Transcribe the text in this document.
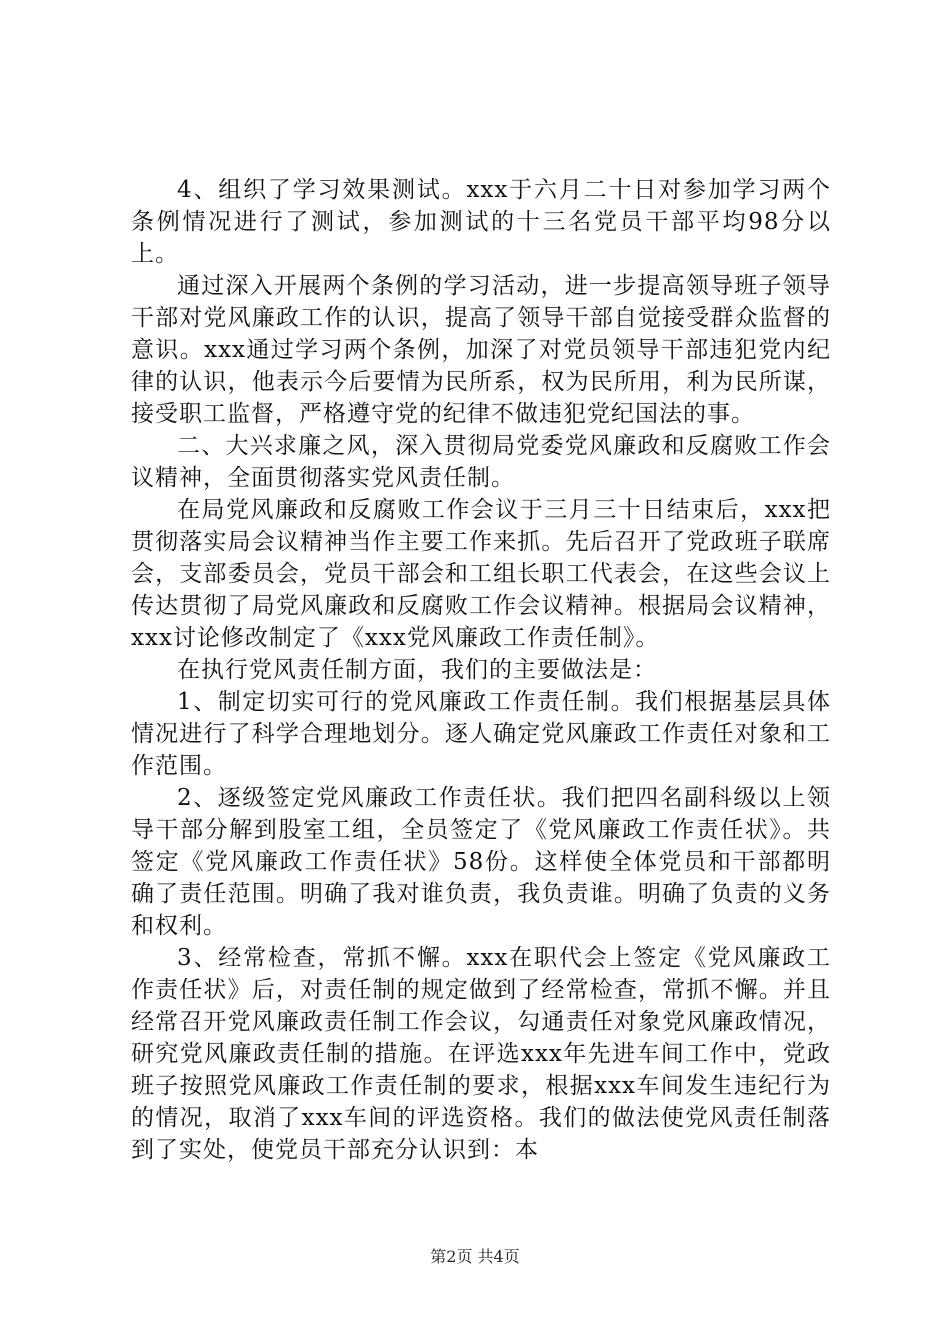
4、组织了学习效果测试。xxx于六月二十日对参加学习两个条例情况进行了测试，参加测试的十三名党员干部平均98分以上。

通过深入开展两个条例的学习活动，进一步提高领导班子领导干部对党风廉政工作的认识，提高了领导干部自觉接受群众监督的意识。xxx通过学习两个条例，加深了对党员领导干部违犯党内纪律的认识，他表示今后要情为民所系，权为民所用，利为民所谋，接受职工监督，严格遵守党的纪律不做违犯党纪国法的事。

二、大兴求廉之风，深入贯彻局党委党风廉政和反腐败工作会议精神，全面贯彻落实党风责任制。

在局党风廉政和反腐败工作会议于三月三十日结束后，xxx把贯彻落实局会议精神当作主要工作来抓。先后召开了党政班子联席会，支部委员会，党员干部会和工组长职工代表会，在这些会议上传达贯彻了局党风廉政和反腐败工作会议精神。根据局会议精神，xxx讨论修改制定了《xxx党风廉政工作责任制》。

在执行党风责任制方面，我们的主要做法是：

1、制定切实可行的党风廉政工作责任制。我们根据基层具体情况进行了科学合理地划分。逐人确定党风廉政工作责任对象和工作范围。

2、逐级签定党风廉政工作责任状。我们把四名副科级以上领导干部分解到股室工组，全员签定了《党风廉政工作责任状》。共签定《党风廉政工作责任状》58份。这样使全体党员和干部都明确了责任范围。明确了我对谁负责，我负责谁。明确了负责的义务和权利。

3、经常检查，常抓不懈。xxx在职代会上签定《党风廉政工作责任状》后，对责任制的规定做到了经常检查，常抓不懈。并且经常召开党风廉政责任制工作会议，勾通责任对象党风廉政情况，研究党风廉政责任制的措施。在评选xxx年先进车间工作中，党政班子按照党风廉政工作责任制的要求，根据xxx车间发生违纪行为的情况，取消了xxx车间的评选资格。我们的做法使党风责任制落到了实处，使党员干部充分认识到：本

第2页 共4页
